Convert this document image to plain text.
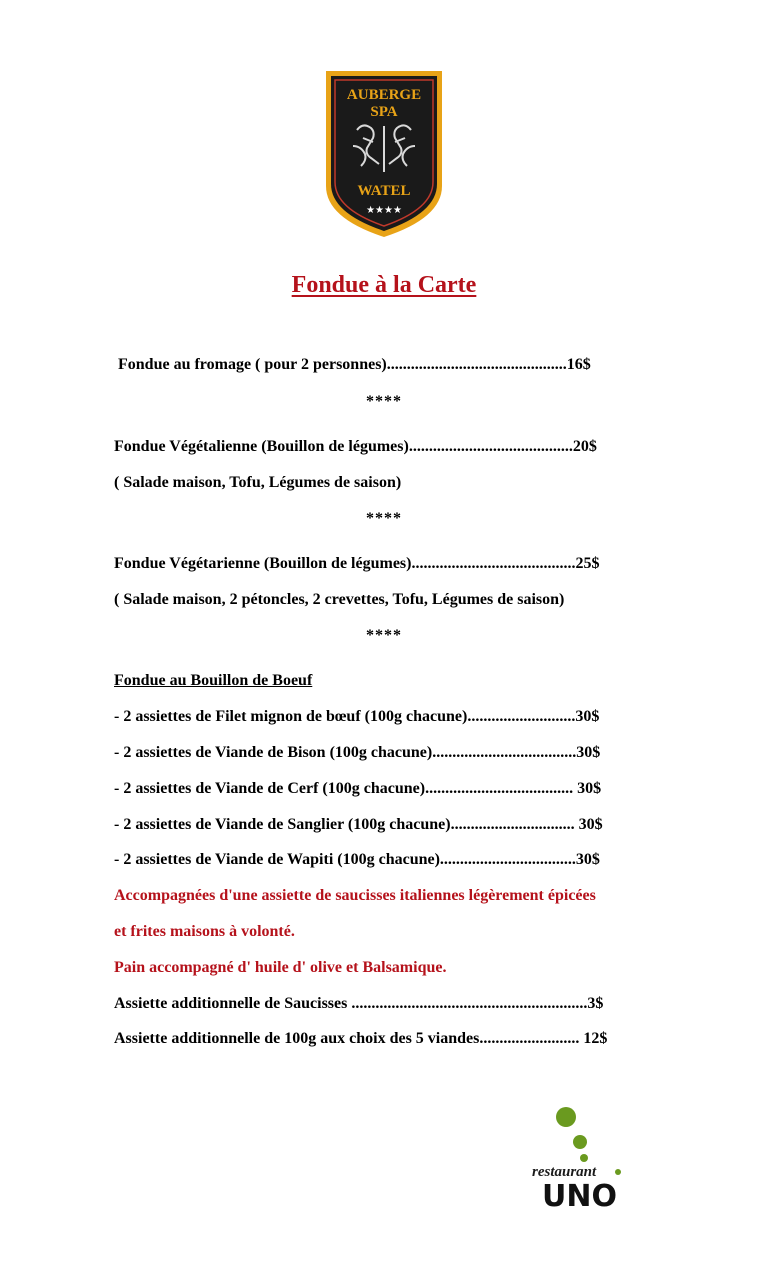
AUBERGE
SPA
WATEL
★★★★
Fondue à la Carte
Fondue au fromage ( pour 2 personnes).............................................16$
****
Fondue Végétalienne (Bouillon de légumes).........................................20$
( Salade maison, Tofu, Légumes de saison)
****
Fondue Végétarienne (Bouillon de légumes).........................................25$
( Salade maison, 2 pétoncles, 2 crevettes, Tofu, Légumes de saison)
****
Fondue au Bouillon de Boeuf
- 2 assiettes de Filet mignon de bœuf (100g chacune)...........................30$
- 2 assiettes de Viande de Bison (100g chacune)....................................30$
- 2 assiettes de Viande de Cerf (100g chacune)..................................... 30$
- 2 assiettes de Viande de Sanglier (100g chacune)............................... 30$
- 2 assiettes de Viande de Wapiti (100g chacune)..................................30$
Accompagnées d'une assiette de saucisses italiennes légèrement épicées
et frites maisons à volonté.
Pain accompagné d' huile d' olive et Balsamique.
Assiette additionnelle de Saucisses ...........................................................3$
Assiette additionnelle de 100g aux choix des 5 viandes......................... 12$
restaurant
UNO
